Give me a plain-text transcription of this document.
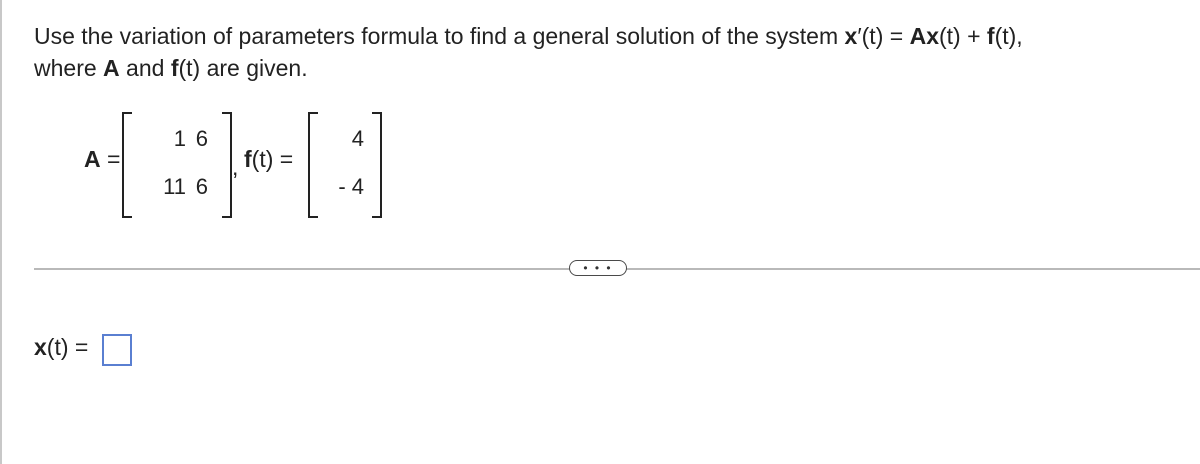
Use the variation of parameters formula to find a general solution of the system x′(t) = Ax(t) + f(t),
where A and f(t) are given.
A =
1 6
11 6
, f(t) =
4
- 4
• • •
x(t) =
